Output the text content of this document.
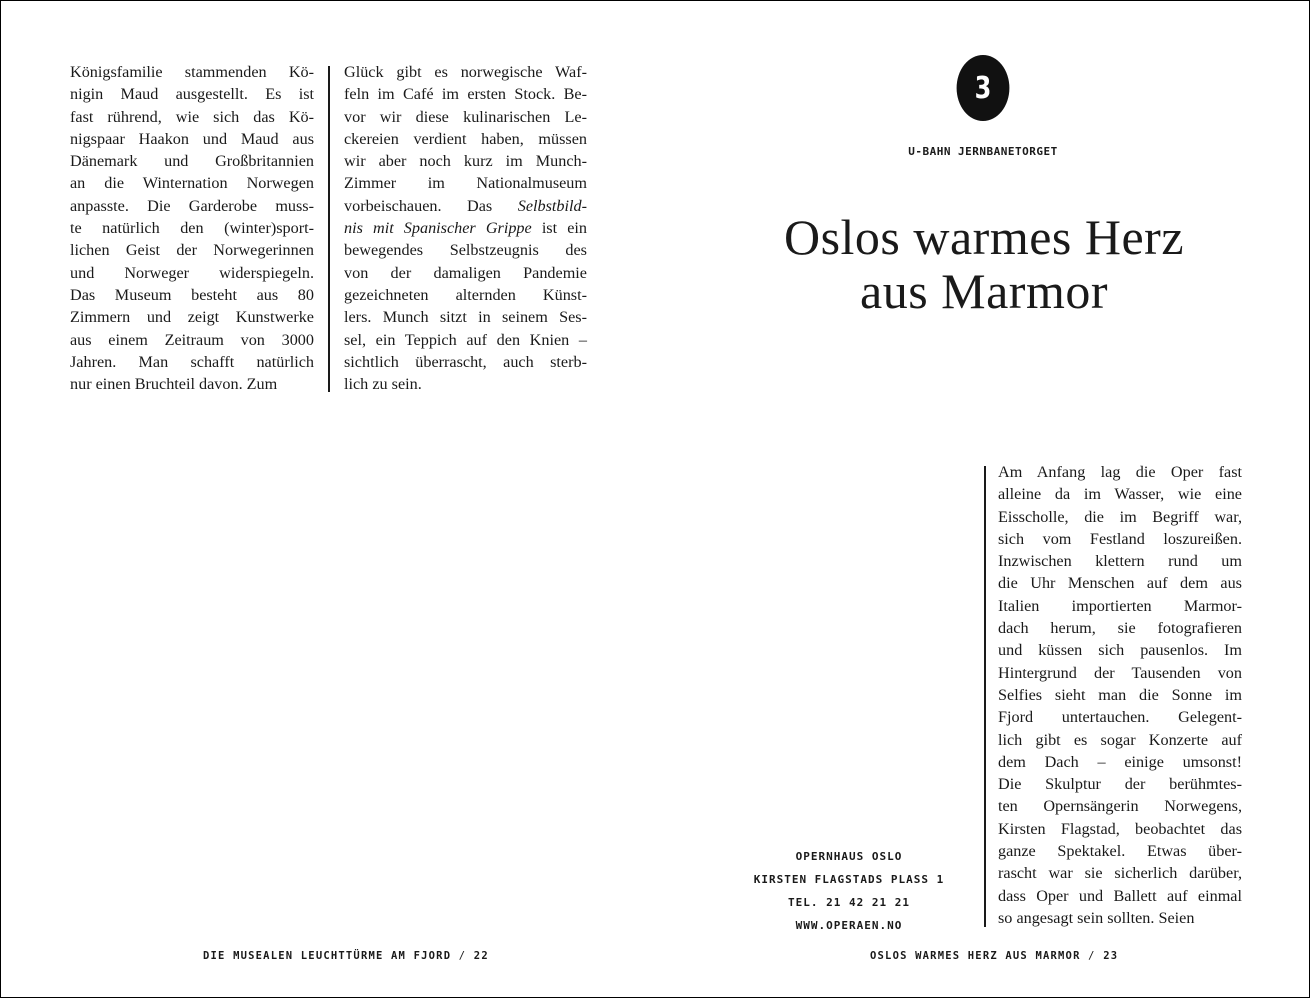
Königsfamilie stammenden Kö-

nigin Maud ausgestellt. Es ist

fast rührend, wie sich das Kö-

nigspaar Haakon und Maud aus

Dänemark und Großbritannien

an die Winternation Norwegen

anpasste. Die Garderobe muss-

te natürlich den (winter)sport-

lichen Geist der Norwegerinnen

und Norweger widerspiegeln.

Das Museum besteht aus 80

Zimmern und zeigt Kunstwerke

aus einem Zeitraum von 3000

Jahren. Man schafft natürlich

nur einen Bruchteil davon. Zum

Glück gibt es norwegische Waf-

feln im Café im ersten Stock. Be-

vor wir diese kulinarischen Le-

ckereien verdient haben, müssen

wir aber noch kurz im Munch-

Zimmer im Nationalmuseum

vorbeischauen. Das Selbstbild-

nis mit Spanischer Grippe ist ein

bewegendes Selbstzeugnis des

von der damaligen Pandemie

gezeichneten alternden Künst-

lers. Munch sitzt in seinem Ses-

sel, ein Teppich auf den Knien –

sichtlich überrascht, auch sterb-

lich zu sein.

DIE MUSEALEN LEUCHTTÜRME AM FJORD / 22
3
U-BAHN JERNBANETORGET
Oslos warmes Herz
aus Marmor
OPERNHAUS OSLO
KIRSTEN FLAGSTADS PLASS 1
TEL. 21 42 21 21
WWW.OPERAEN.NO

Am Anfang lag die Oper fast

alleine da im Wasser, wie eine

Eisscholle, die im Begriff war,

sich vom Festland loszureißen.

Inzwischen klettern rund um

die Uhr Menschen auf dem aus

Italien importierten Marmor-

dach herum, sie fotografieren

und küssen sich pausenlos. Im

Hintergrund der Tausenden von

Selfies sieht man die Sonne im

Fjord untertauchen. Gelegent-

lich gibt es sogar Konzerte auf

dem Dach – einige umsonst!

Die Skulptur der berühmtes-

ten Opernsängerin Norwegens,

Kirsten Flagstad, beobachtet das

ganze Spektakel. Etwas über-

rascht war sie sicherlich darüber,

dass Oper und Ballett auf einmal

so angesagt sein sollten. Seien

OSLOS WARMES HERZ AUS MARMOR / 23
